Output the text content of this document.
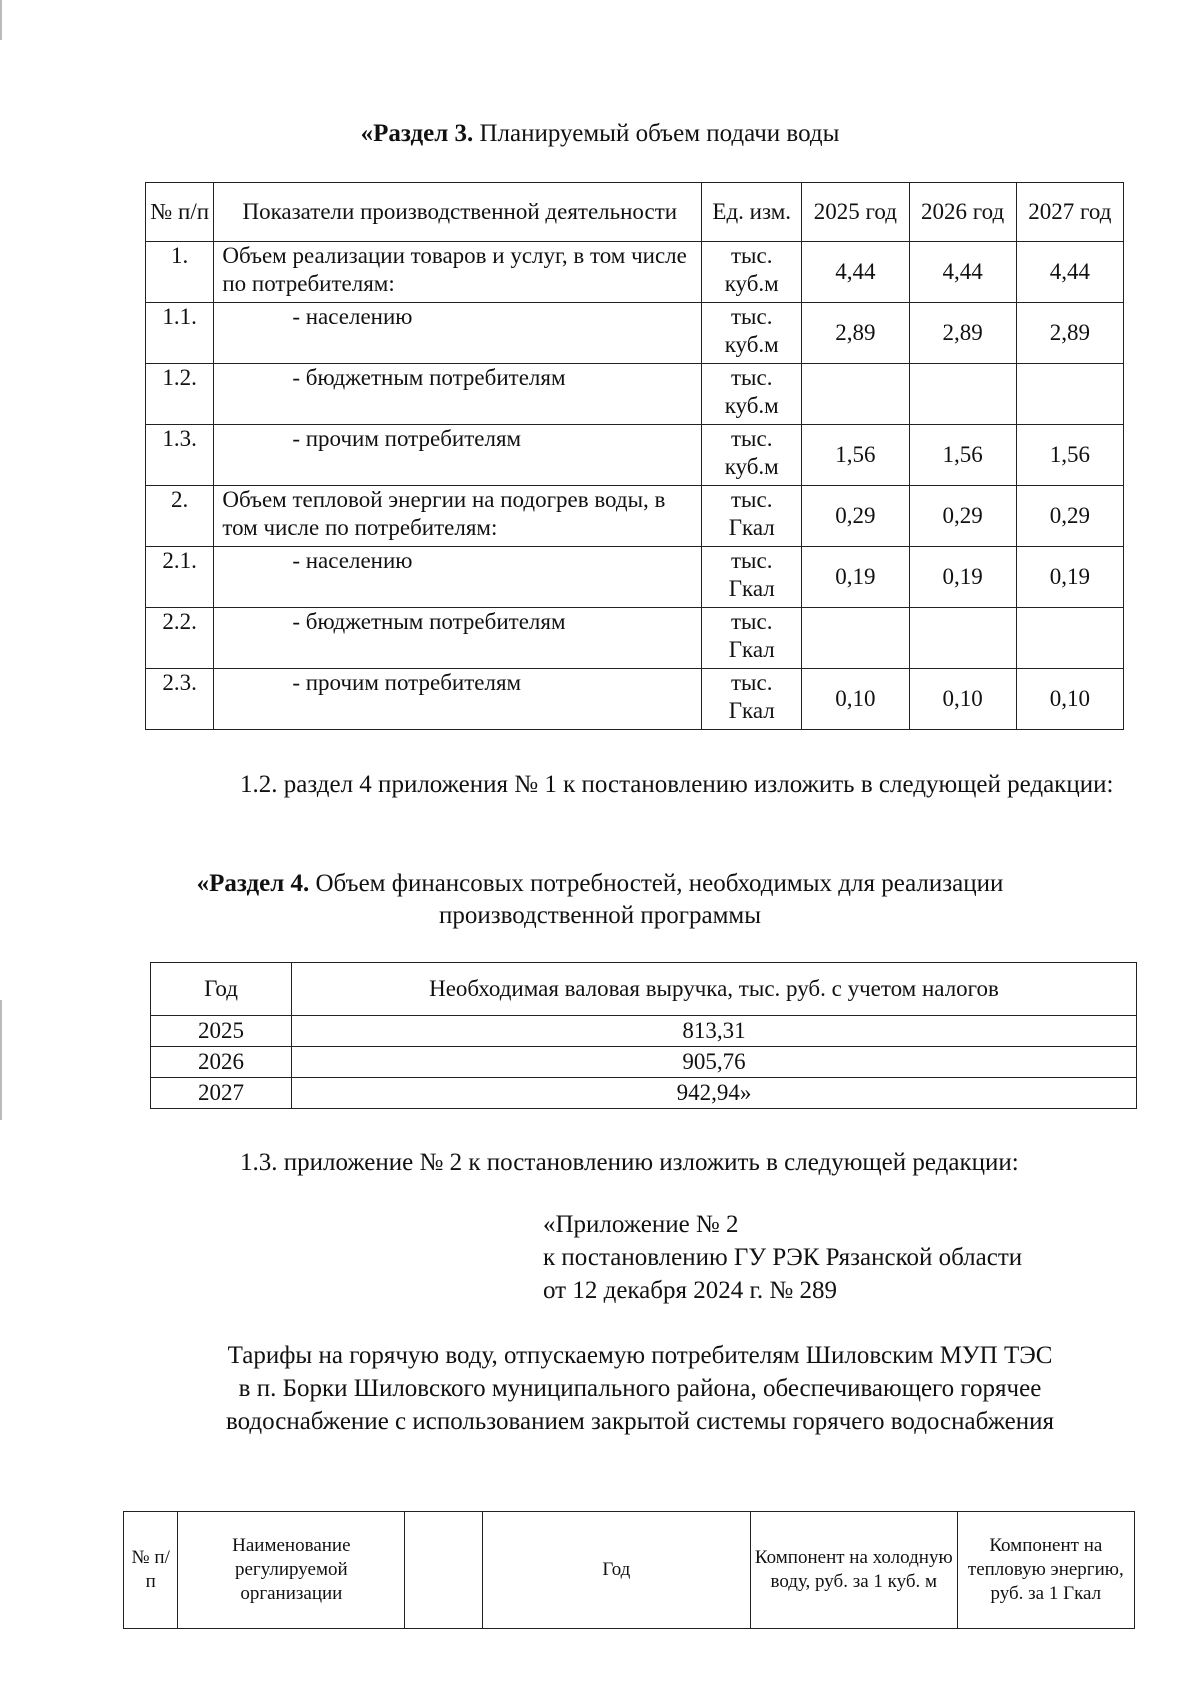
«Раздел 3. Планируемый объем подачи воды
№ п/п	Показатели производственной деятельности	Ед. изм.	2025 год	2026 год	2027 год
1.	Объем реализации товаров и услуг, в том числе по потребителям:	тыс. куб.м	4,44	4,44	4,44
1.1.	- населению	тыс. куб.м	2,89	2,89	2,89
1.2.	- бюджетным потребителям	тыс. куб.м			
1.3.	- прочим потребителям	тыс. куб.м	1,56	1,56	1,56
2.	Объем тепловой энергии на подогрев воды, в том числе по потребителям:	тыс. Гкал	0,29	0,29	0,29
2.1.	- населению	тыс. Гкал	0,19	0,19	0,19
2.2.	- бюджетным потребителям	тыс. Гкал			
2.3.	- прочим потребителям	тыс. Гкал	0,10	0,10	0,10
1.2. раздел 4 приложения № 1 к постановлению изложить в следующей редакции:
«Раздел 4. Объем финансовых потребностей, необходимых для реализации
производственной программы
Год	Необходимая валовая выручка, тыс. руб. с учетом налогов
2025	813,31
2026	905,76
2027	942,94»
1.3. приложение № 2 к постановлению изложить в следующей редакции:
«Приложение № 2
к постановлению ГУ РЭК Рязанской области
от 12 декабря 2024 г. № 289
Тарифы на горячую воду, отпускаемую потребителям Шиловским МУП ТЭС
в п. Борки Шиловского муниципального района, обеспечивающего горячее
водоснабжение с использованием закрытой системы горячего водоснабжения
№ п/п	Наименование регулируемой организации		Год	Компонент на холодную воду, руб. за 1 куб. м	Компонент на тепловую энергию, руб. за 1 Гкал
